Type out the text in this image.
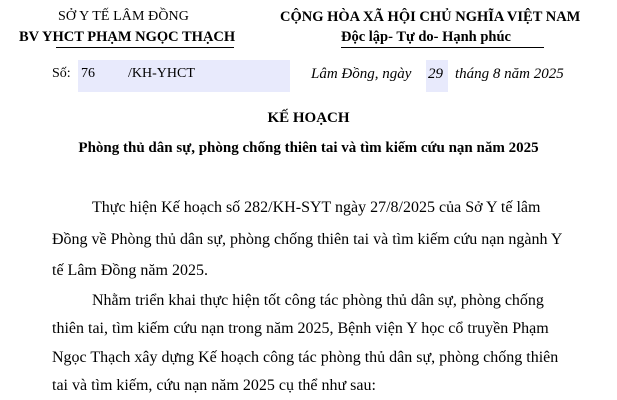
SỞ Y TẾ LÂM ĐỒNG
BV YHCT PHẠM NGỌC THẠCH
CỘNG HÒA XÃ HỘI CHỦ NGHĨA VIỆT NAM
Độc lập- Tự do- Hạnh phúc
Số: 76 /KH-YHCT	Lâm Đồng, ngày 29 tháng 8 năm 2025
KẾ HOẠCH
Phòng thủ dân sự, phòng chống thiên tai và tìm kiếm cứu nạn năm 2025
Thực hiện Kế hoạch số 282/KH-SYT ngày 27/8/2025 của Sở Y tế lâm
Đồng về Phòng thủ dân sự, phòng chống thiên tai và tìm kiếm cứu nạn ngành Y
tế Lâm Đồng năm 2025.
Nhằm triển khai thực hiện tốt công tác phòng thủ dân sự, phòng chống
thiên tai, tìm kiếm cứu nạn trong năm 2025, Bệnh viện Y học cổ truyền Phạm
Ngọc Thạch xây dựng Kế hoạch công tác phòng thủ dân sự, phòng chống thiên
tai và tìm kiếm, cứu nạn năm 2025 cụ thể như sau:
